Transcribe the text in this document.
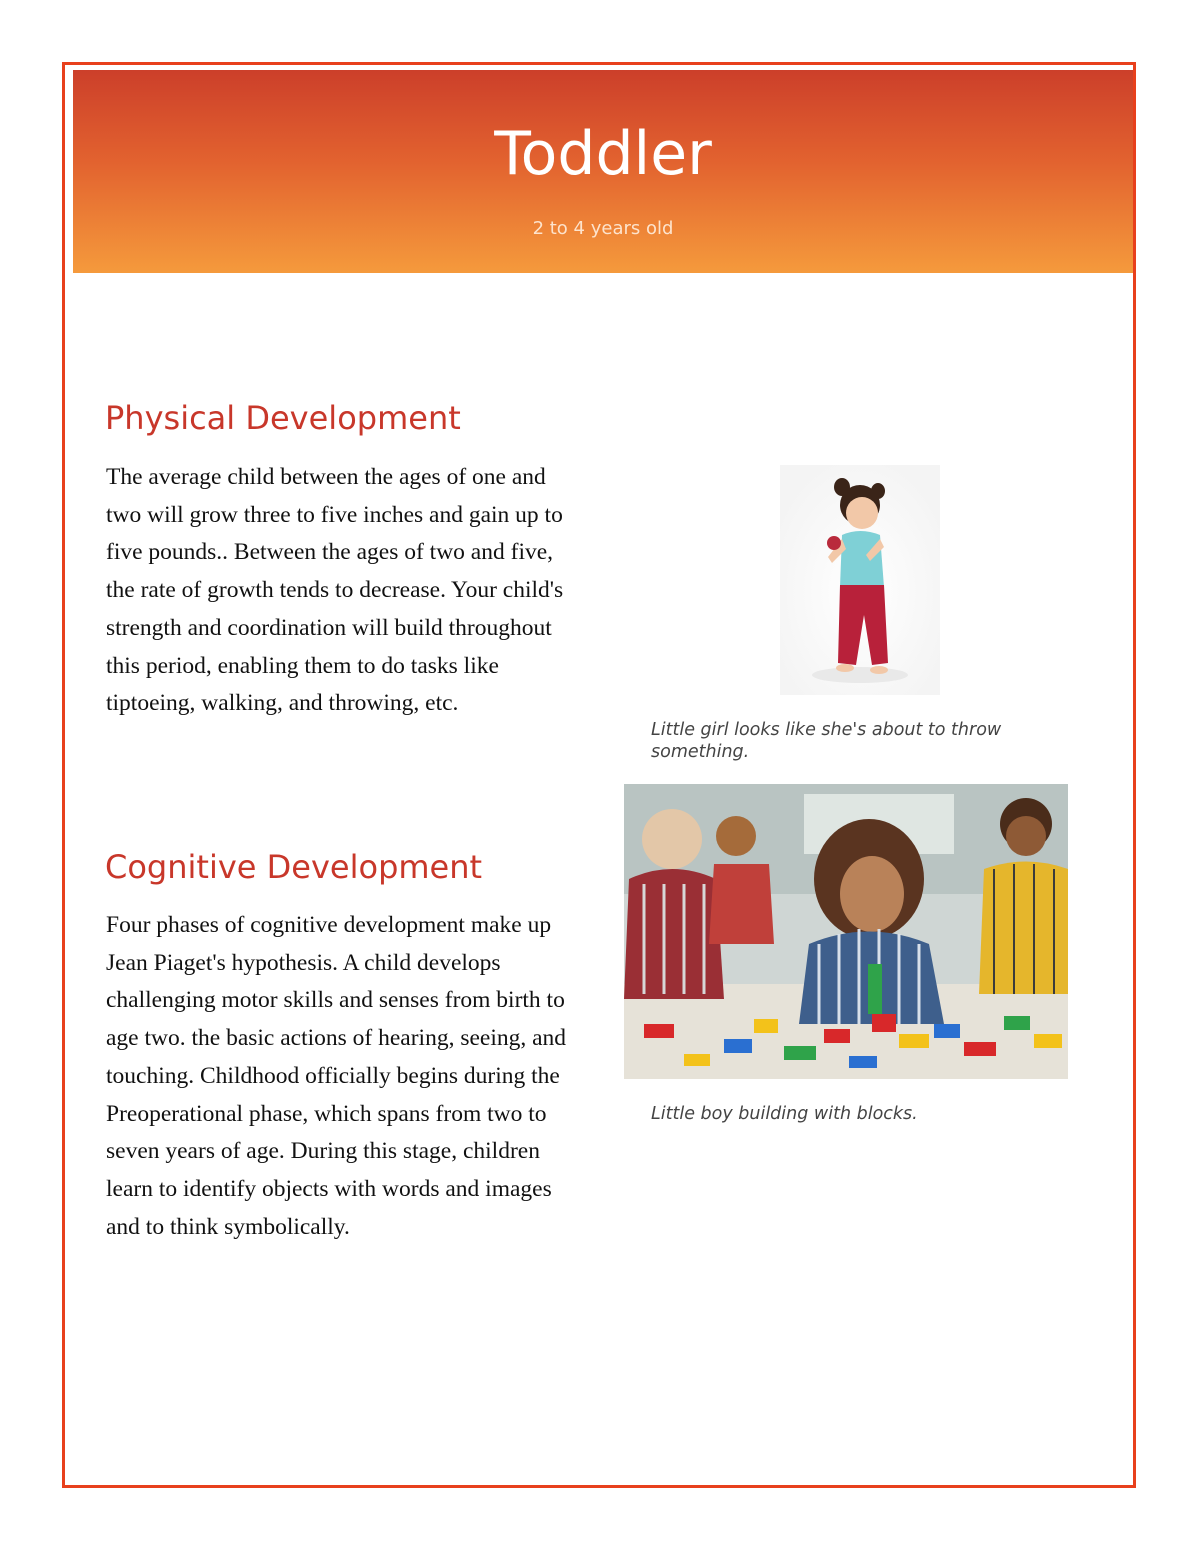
Toddler
2 to 4 years old
Physical Development

The average child between the ages of one and two will grow three to five inches and gain up to five pounds.. Between the ages of two and five, the rate of growth tends to decrease. Your child's strength and coordination will build throughout this period, enabling them to do tasks like tiptoeing, walking, and throwing, etc.

Cognitive Development

Four phases of cognitive development make up Jean Piaget's hypothesis. A child develops challenging motor skills and senses from birth to age two. the basic actions of hearing, seeing, and touching. Childhood officially begins during the Preoperational phase, which spans from two to seven years of age. During this stage, children learn to identify objects with words and images and to think symbolically.

Little girl looks like she's about to throw something.

Little boy building with blocks.
